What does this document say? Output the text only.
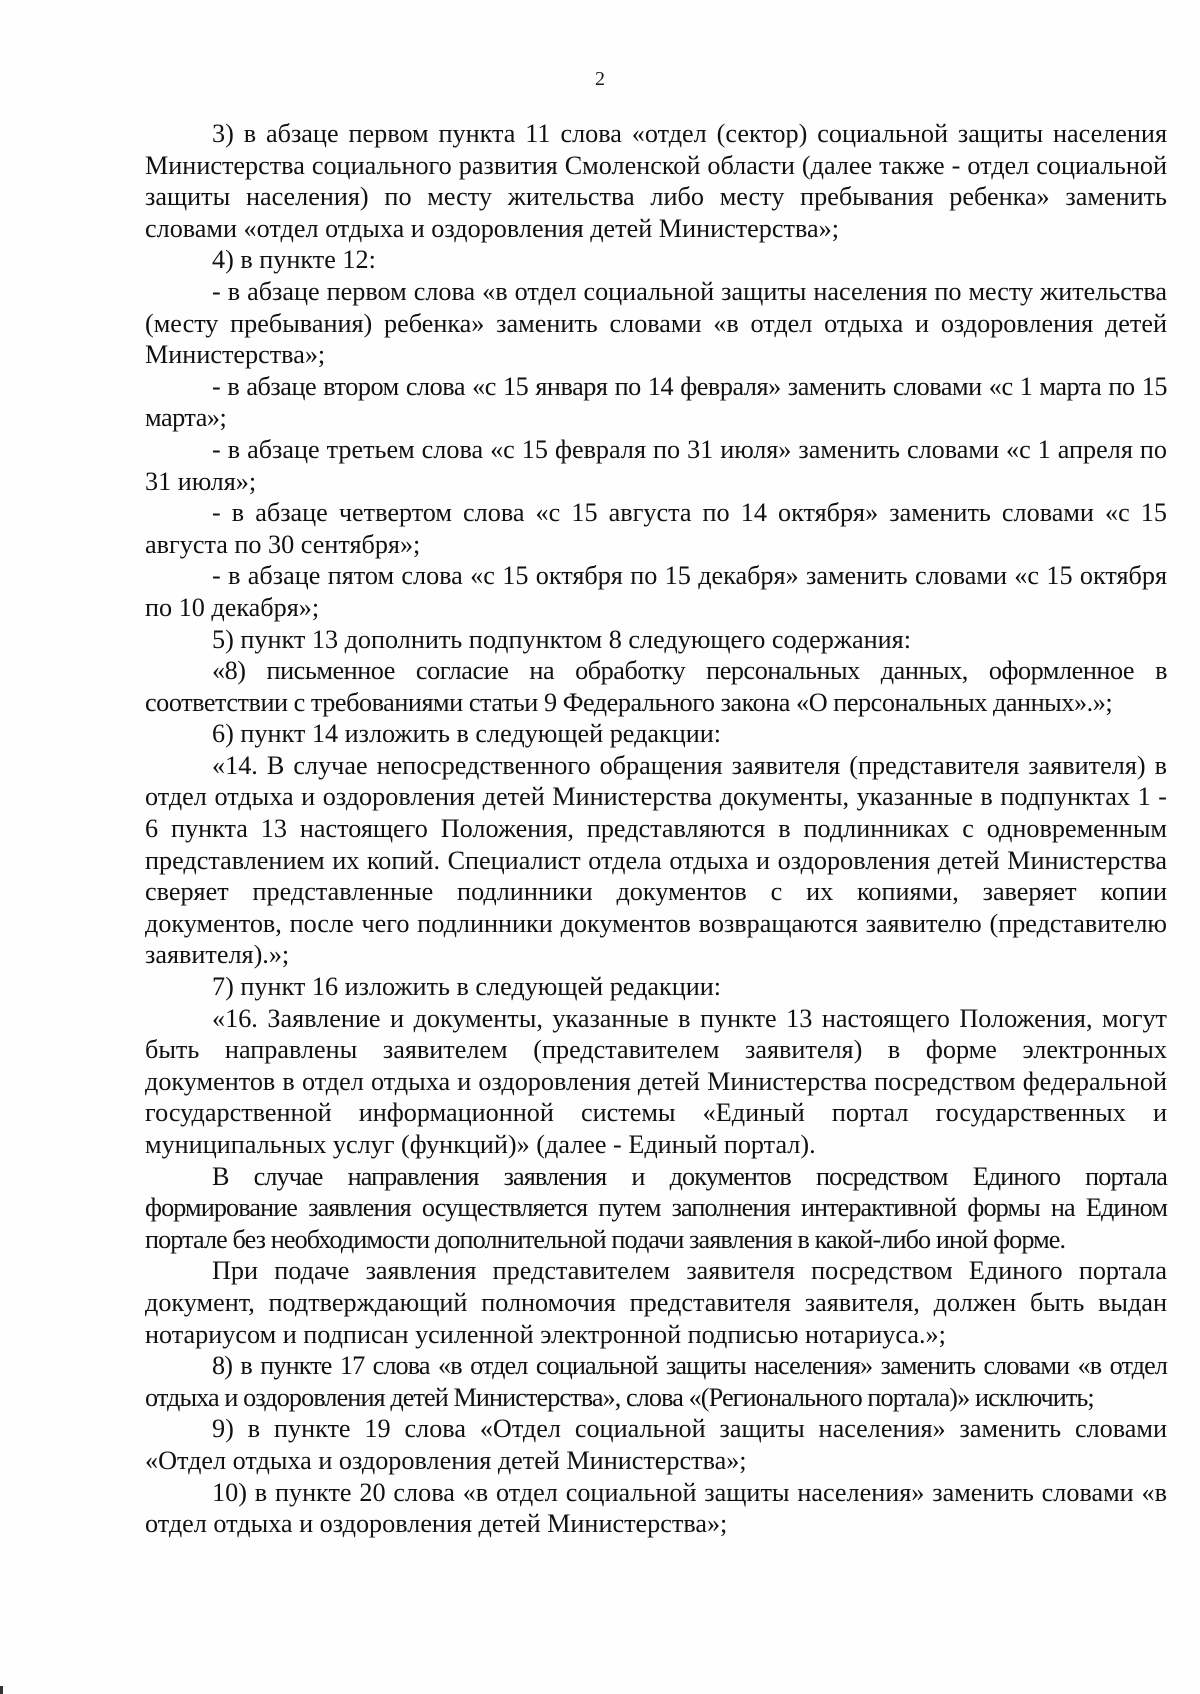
2

3) в абзаце первом пункта 11 слова «отдел (сектор) социальной защиты населения Министерства социального развития Смоленской области (далее также - отдел социальной защиты населения) по месту жительства либо месту пребывания ребенка» заменить словами «отдел отдыха и оздоровления детей Министерства»;

4) в пункте 12:

- в абзаце первом слова «в отдел социальной защиты населения по месту жительства (месту пребывания) ребенка» заменить словами «в отдел отдыха и оздоровления детей Министерства»;

- в абзаце втором слова «с 15 января по 14 февраля» заменить словами «с 1 марта по 15 марта»;

- в абзаце третьем слова «с 15 февраля по 31 июля» заменить словами «с 1 апреля по 31 июля»;

- в абзаце четвертом слова «с 15 августа по 14 октября» заменить словами «с 15 августа по 30 сентября»;

- в абзаце пятом слова «с 15 октября по 15 декабря» заменить словами «с 15 октября по 10 декабря»;

5) пункт 13 дополнить подпунктом 8 следующего содержания:

«8) письменное согласие на обработку персональных данных, оформленное в соответствии с требованиями статьи 9 Федерального закона «О персональных данных».»;

6) пункт 14 изложить в следующей редакции:

«14. В случае непосредственного обращения заявителя (представителя заявителя) в отдел отдыха и оздоровления детей Министерства документы, указанные в подпунктах 1 - 6 пункта 13 настоящего Положения, представляются в подлинниках с одновременным представлением их копий. Специалист отдела отдыха и оздоровления детей Министерства сверяет представленные подлинники документов с их копиями, заверяет копии документов, после чего подлинники документов возвращаются заявителю (представителю заявителя).»;

7) пункт 16 изложить в следующей редакции:

«16. Заявление и документы, указанные в пункте 13 настоящего Положения, могут быть направлены заявителем (представителем заявителя) в форме электронных документов в отдел отдыха и оздоровления детей Министерства посредством федеральной государственной информационной системы «Единый портал государственных и муниципальных услуг (функций)» (далее - Единый портал).

В случае направления заявления и документов посредством Единого портала формирование заявления осуществляется путем заполнения интерактивной формы на Едином портале без необходимости дополнительной подачи заявления в какой-либо иной форме.

При подаче заявления представителем заявителя посредством Единого портала документ, подтверждающий полномочия представителя заявителя, должен быть выдан нотариусом и подписан усиленной электронной подписью нотариуса.»;

8) в пункте 17 слова «в отдел социальной защиты населения» заменить словами «в отдел отдыха и оздоровления детей Министерства», слова «(Регионального портала)» исключить;

9) в пункте 19 слова «Отдел социальной защиты населения» заменить словами «Отдел отдыха и оздоровления детей Министерства»;

10) в пункте 20 слова «в отдел социальной защиты населения» заменить словами «в отдел отдыха и оздоровления детей Министерства»;
